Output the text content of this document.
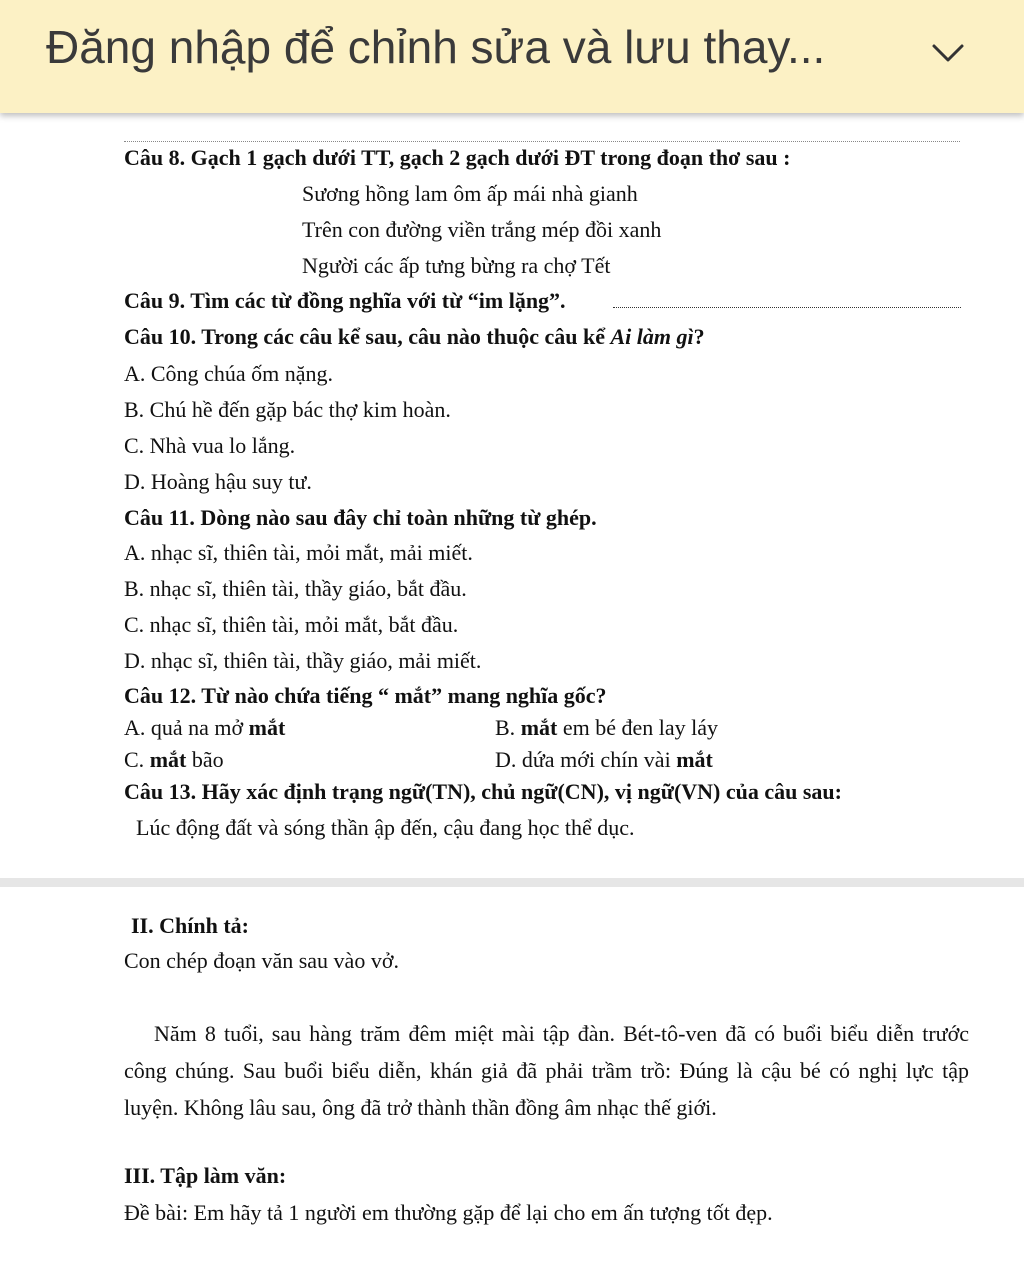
Đăng nhập để chỉnh sửa và lưu thay...
Câu 8. Gạch 1 gạch dưới TT, gạch 2 gạch dưới ĐT trong đoạn thơ sau :
Sương hồng lam ôm ấp mái nhà gianh
Trên con đường viền trắng mép đồi xanh
Người các ấp tưng bừng ra chợ Tết
Câu 9. Tìm các từ đồng nghĩa với từ “im lặng”.
Câu 10. Trong các câu kể sau, câu nào thuộc câu kể Ai làm gì?
A. Công chúa ốm nặng.
B. Chú hề đến gặp bác thợ kim hoàn.
C. Nhà vua lo lắng.
D. Hoàng hậu suy tư.
Câu 11. Dòng nào sau đây chỉ toàn những từ ghép.
A. nhạc sĩ, thiên tài, mỏi mắt, mải miết.
B. nhạc sĩ, thiên tài, thầy giáo, bắt đầu.
C. nhạc sĩ, thiên tài, mỏi mắt, bắt đầu.
D. nhạc sĩ, thiên tài, thầy giáo, mải miết.
Câu 12. Từ nào chứa tiếng “ mắt” mang nghĩa gốc?
A. quả na mở mắt	B. mắt em bé đen lay láy
C. mắt bão	D. dứa mới chín vài mắt
Câu 13. Hãy xác định trạng ngữ(TN), chủ ngữ(CN), vị ngữ(VN) của câu sau:
Lúc động đất và sóng thần ập đến, cậu đang học thể dục.
II. Chính tả:
Con chép đoạn văn sau vào vở.
Năm 8 tuổi, sau hàng trăm đêm miệt mài tập đàn. Bét-tô-ven đã có buổi biểu diễn trước công chúng. Sau buổi biểu diễn, khán giả đã phải trầm trồ: Đúng là cậu bé có nghị lực tập luyện. Không lâu sau, ông đã trở thành thần đồng âm nhạc thế giới.
III. Tập làm văn:
Đề bài: Em hãy tả 1 người em thường gặp để lại cho em ấn tượng tốt đẹp.
